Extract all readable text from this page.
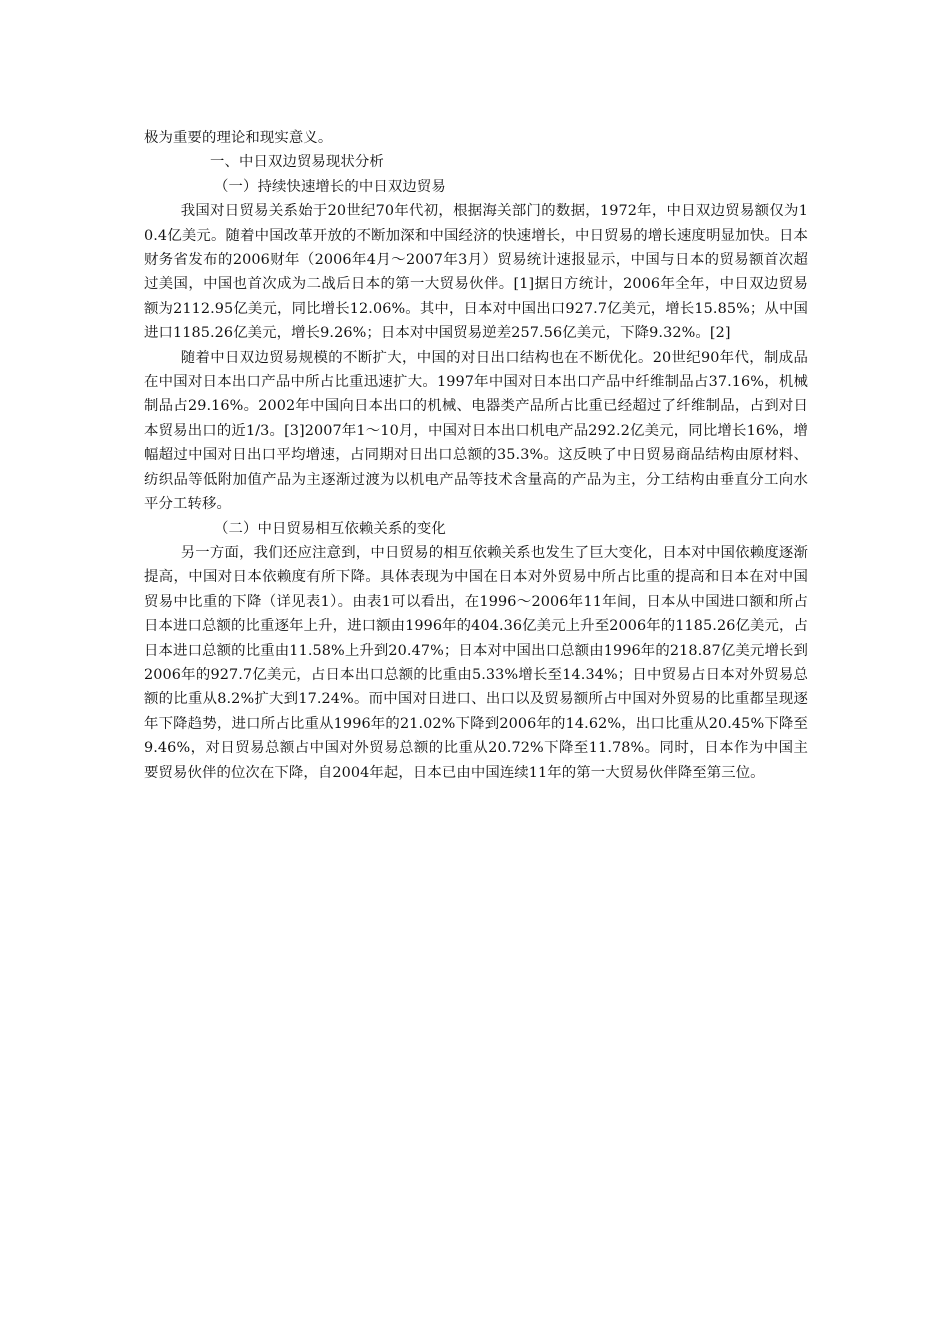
极为重要的理论和现实意义。

一、中日双边贸易现状分析

（一）持续快速增长的中日双边贸易

我国对日贸易关系始于20世纪70年代初，根据海关部门的数据，1972年，中日双边贸易额仅为10.4亿美元。随着中国改革开放的不断加深和中国经济的快速增长，中日贸易的增长速度明显加快。日本财务省发布的2006财年（2006年4月～2007年3月）贸易统计速报显示，中国与日本的贸易额首次超过美国，中国也首次成为二战后日本的第一大贸易伙伴。[1]据日方统计，2006年全年，中日双边贸易额为2112.95亿美元，同比增长12.06%。其中，日本对中国出口927.7亿美元，增长15.85%；从中国进口1185.26亿美元，增长9.26%；日本对中国贸易逆差257.56亿美元，下降9.32%。[2]

随着中日双边贸易规模的不断扩大，中国的对日出口结构也在不断优化。20世纪90年代，制成品在中国对日本出口产品中所占比重迅速扩大。1997年中国对日本出口产品中纤维制品占37.16%，机械制品占29.16%。2002年中国向日本出口的机械、电器类产品所占比重已经超过了纤维制品，占到对日本贸易出口的近1/3。[3]2007年1～10月，中国对日本出口机电产品292.2亿美元，同比增长16%，增幅超过中国对日出口平均增速，占同期对日出口总额的35.3%。这反映了中日贸易商品结构由原材料、纺织品等低附加值产品为主逐渐过渡为以机电产品等技术含量高的产品为主，分工结构由垂直分工向水平分工转移。

（二）中日贸易相互依赖关系的变化

另一方面，我们还应注意到，中日贸易的相互依赖关系也发生了巨大变化，日本对中国依赖度逐渐提高，中国对日本依赖度有所下降。具体表现为中国在日本对外贸易中所占比重的提高和日本在对中国贸易中比重的下降（详见表1）。由表1可以看出，在1996～2006年11年间，日本从中国进口额和所占日本进口总额的比重逐年上升，进口额由1996年的404.36亿美元上升至2006年的1185.26亿美元，占日本进口总额的比重由11.58%上升到20.47%；日本对中国出口总额由1996年的218.87亿美元增长到2006年的927.7亿美元，占日本出口总额的比重由5.33%增长至14.34%；日中贸易占日本对外贸易总额的比重从8.2%扩大到17.24%。而中国对日进口、出口以及贸易额所占中国对外贸易的比重都呈现逐年下降趋势，进口所占比重从1996年的21.02%下降到2006年的14.62%，出口比重从20.45%下降至9.46%，对日贸易总额占中国对外贸易总额的比重从20.72%下降至11.78%。同时，日本作为中国主要贸易伙伴的位次在下降，自2004年起，日本已由中国连续11年的第一大贸易伙伴降至第三位。
